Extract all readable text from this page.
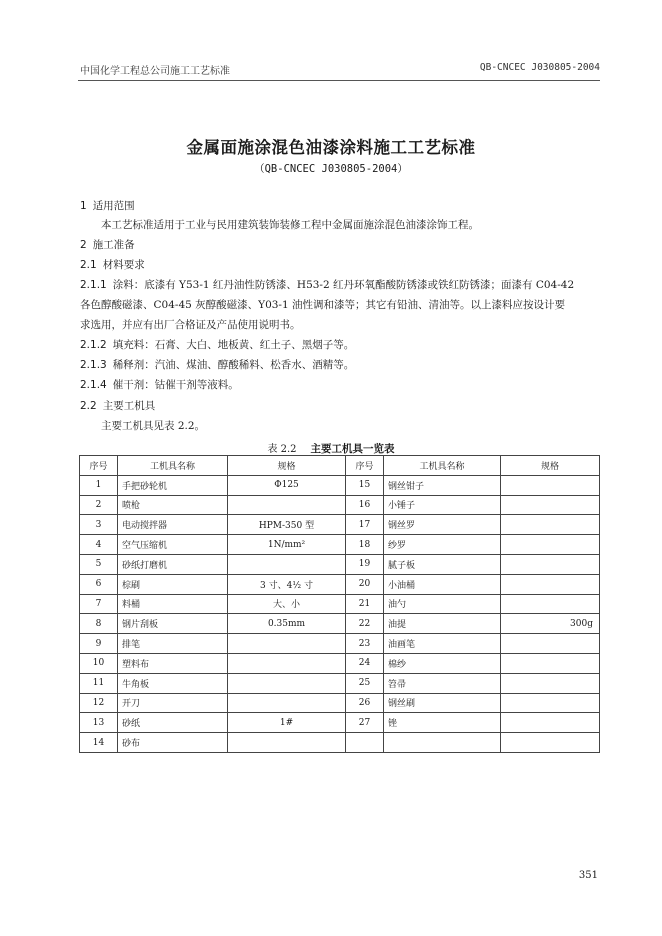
中国化学工程总公司施工工艺标准	QB-CNCEC J030805-2004
金属面施涂混色油漆涂料施工工艺标准
（QB-CNCEC J030805-2004）
1 适用范围
本工艺标准适用于工业与民用建筑装饰装修工程中金属面施涂混色油漆涂饰工程。
2 施工准备
2.1 材料要求
2.1.1 涂料：底漆有 Y53-1 红丹油性防锈漆、H53-2 红丹环氧酯酸防锈漆或铁红防锈漆；面漆有 C04-42
各色醇酸磁漆、C04-45 灰醇酸磁漆、Y03-1 油性调和漆等；其它有铅油、清油等。以上漆料应按设计要
求选用，并应有出厂合格证及产品使用说明书。
2.1.2 填充料：石膏、大白、地板黄、红土子、黑烟子等。
2.1.3 稀释剂：汽油、煤油、醇酸稀料、松香水、酒精等。
2.1.4 催干剂：钴催干剂等液料。
2.2 主要工机具
主要工机具见表 2.2。
表 2.2 主要工机具一览表
序号	工机具名称	规格	序号	工机具名称	规格
1	手把砂轮机	Φ125	15	钢丝钳子	
2	喷枪		16	小锤子	
3	电动搅拌器	HPM-350 型	17	钢丝罗	
4	空气压缩机	1N/mm²	18	纱罗	
5	砂纸打磨机		19	腻子板	
6	棕刷	3 寸、4½ 寸	20	小油桶	
7	料桶	大、小	21	油勺	
8	钢片刮板	0.35mm	22	油提	300g
9	排笔		23	油画笔	
10	塑料布		24	棉纱	
11	牛角板		25	笤帚	
12	开刀		26	钢丝刷	
13	砂纸	1#	27	锉	
14	砂布				
351
